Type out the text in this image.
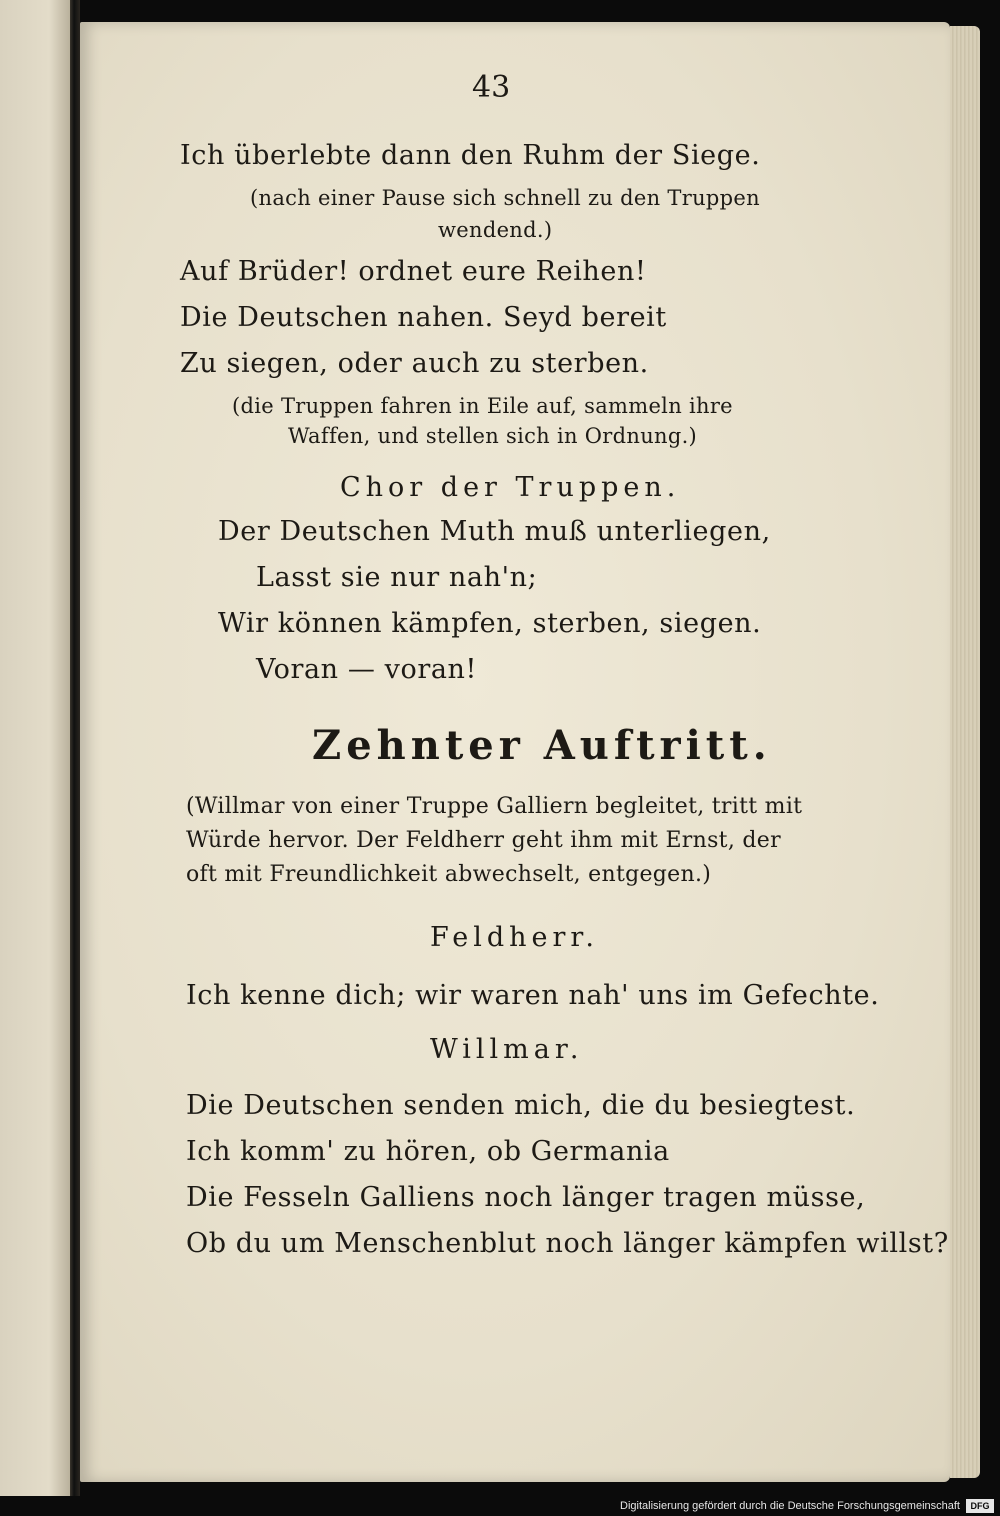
43
Ich überlebte dann den Ruhm der Siege.
(nach einer Pause sich schnell zu den Truppen
wendend.)
Auf Brüder! ordnet eure Reihen!
Die Deutschen nahen. Seyd bereit
Zu siegen, oder auch zu sterben.
(die Truppen fahren in Eile auf, sammeln ihre
Waffen, und stellen sich in Ordnung.)
Chor der Truppen.
Der Deutschen Muth muß unterliegen,
Lasst sie nur nah'n;
Wir können kämpfen, sterben, siegen.
Voran — voran!
Zehnter Auftritt.
(Willmar von einer Truppe Galliern begleitet, tritt mit
Würde hervor. Der Feldherr geht ihm mit Ernst, der
oft mit Freundlichkeit abwechselt, entgegen.)
Feldherr.
Ich kenne dich; wir waren nah' uns im Gefechte.
Willmar.
Die Deutschen senden mich, die du besiegtest.
Ich komm' zu hören, ob Germania
Die Fesseln Galliens noch länger tragen müsse,
Ob du um Menschenblut noch länger kämpfen willst?
Digitalisierung gefördert durch die Deutsche Forschungsgemeinschaft	DFG
